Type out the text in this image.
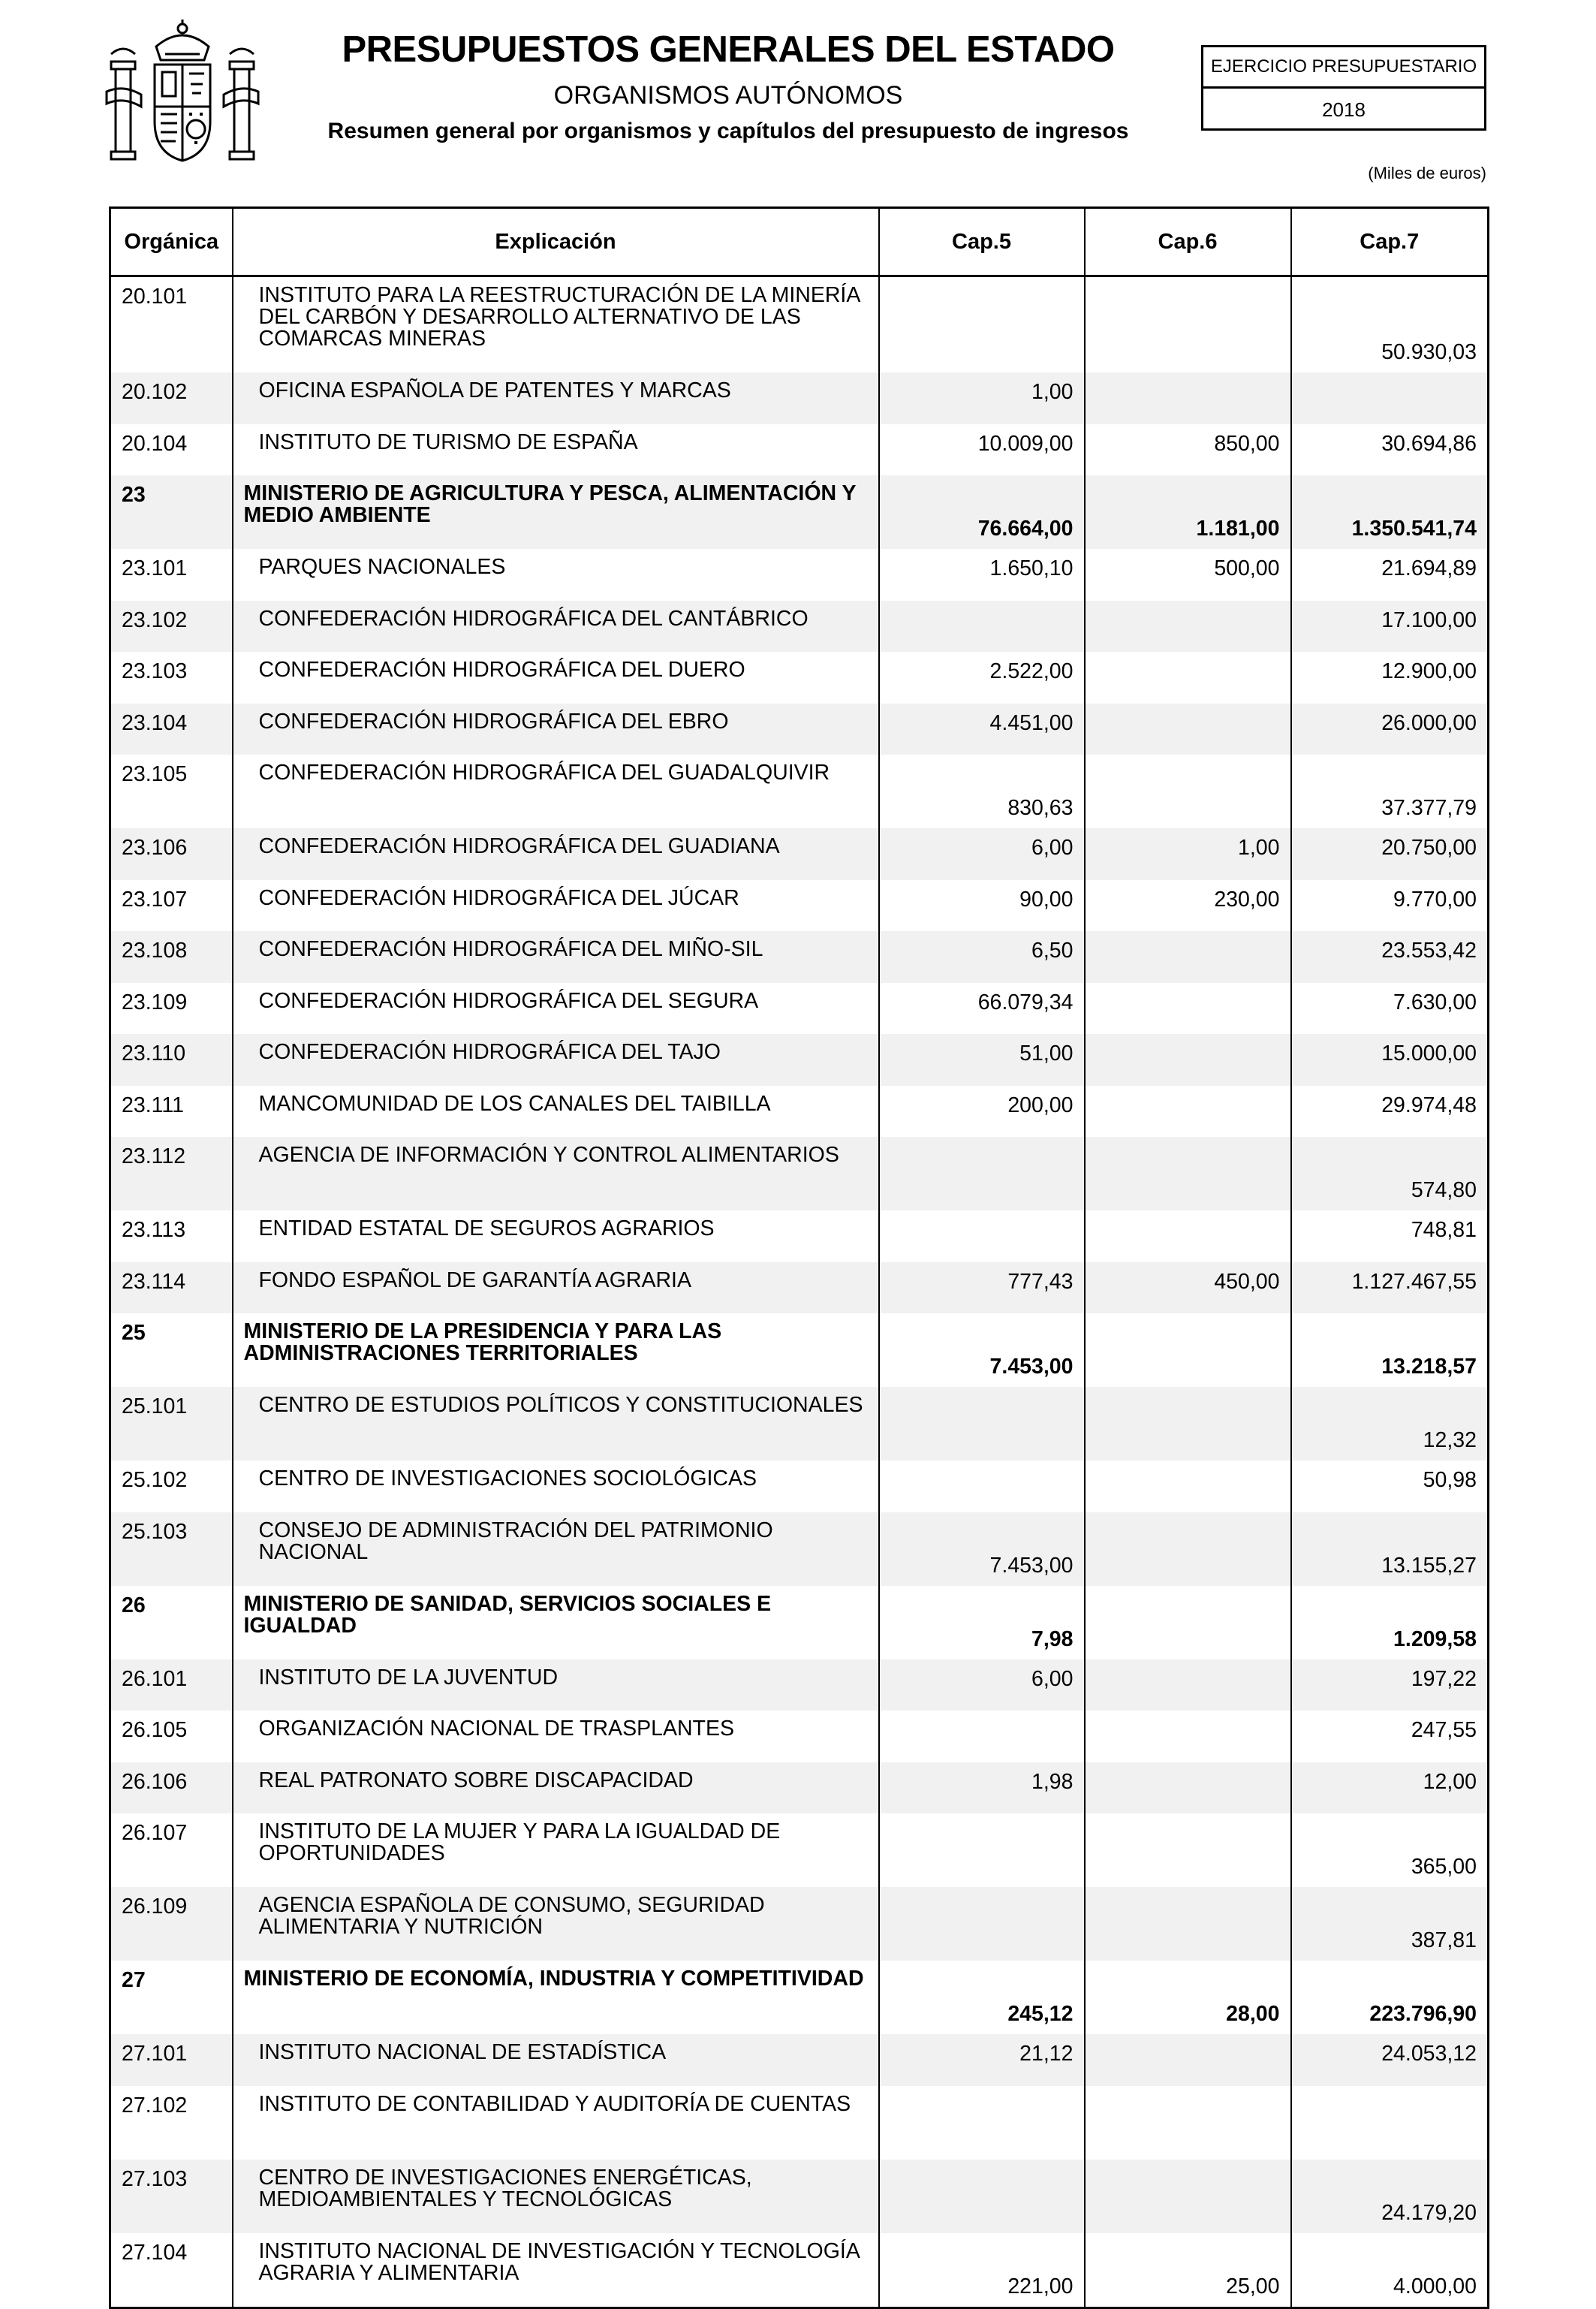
PRESUPUESTOS GENERALES DEL ESTADO
ORGANISMOS AUTÓNOMOS
Resumen general por organismos y capítulos del presupuesto de ingresos
EJERCICIO PRESUPUESTARIO
2018
(Miles de euros)
Orgánica	Explicación	Cap.5	Cap.6	Cap.7
20.101	INSTITUTO PARA LA REESTRUCTURACIÓN DE LA MINERÍA DEL CARBÓN Y DESARROLLO ALTERNATIVO DE LAS COMARCAS MINERAS			50.930,03
20.102	OFICINA ESPAÑOLA DE PATENTES Y MARCAS	1,00		
20.104	INSTITUTO DE TURISMO DE ESPAÑA	10.009,00	850,00	30.694,86
23	MINISTERIO DE AGRICULTURA Y PESCA, ALIMENTACIÓN Y MEDIO AMBIENTE	76.664,00	1.181,00	1.350.541,74
23.101	PARQUES NACIONALES	1.650,10	500,00	21.694,89
23.102	CONFEDERACIÓN HIDROGRÁFICA DEL CANTÁBRICO			17.100,00
23.103	CONFEDERACIÓN HIDROGRÁFICA DEL DUERO	2.522,00		12.900,00
23.104	CONFEDERACIÓN HIDROGRÁFICA DEL EBRO	4.451,00		26.000,00
23.105	CONFEDERACIÓN HIDROGRÁFICA DEL GUADALQUIVIR	830,63		37.377,79
23.106	CONFEDERACIÓN HIDROGRÁFICA DEL GUADIANA	6,00	1,00	20.750,00
23.107	CONFEDERACIÓN HIDROGRÁFICA DEL JÚCAR	90,00	230,00	9.770,00
23.108	CONFEDERACIÓN HIDROGRÁFICA DEL MIÑO-SIL	6,50		23.553,42
23.109	CONFEDERACIÓN HIDROGRÁFICA DEL SEGURA	66.079,34		7.630,00
23.110	CONFEDERACIÓN HIDROGRÁFICA DEL TAJO	51,00		15.000,00
23.111	MANCOMUNIDAD DE LOS CANALES DEL TAIBILLA	200,00		29.974,48
23.112	AGENCIA DE INFORMACIÓN Y CONTROL ALIMENTARIOS			574,80
23.113	ENTIDAD ESTATAL DE SEGUROS AGRARIOS			748,81
23.114	FONDO ESPAÑOL DE GARANTÍA AGRARIA	777,43	450,00	1.127.467,55
25	MINISTERIO DE LA PRESIDENCIA Y PARA LAS ADMINISTRACIONES TERRITORIALES	7.453,00		13.218,57
25.101	CENTRO DE ESTUDIOS POLÍTICOS Y CONSTITUCIONALES			12,32
25.102	CENTRO DE INVESTIGACIONES SOCIOLÓGICAS			50,98
25.103	CONSEJO DE ADMINISTRACIÓN DEL PATRIMONIO NACIONAL	7.453,00		13.155,27
26	MINISTERIO DE SANIDAD, SERVICIOS SOCIALES E IGUALDAD	7,98		1.209,58
26.101	INSTITUTO DE LA JUVENTUD	6,00		197,22
26.105	ORGANIZACIÓN NACIONAL DE TRASPLANTES			247,55
26.106	REAL PATRONATO SOBRE DISCAPACIDAD	1,98		12,00
26.107	INSTITUTO DE LA MUJER Y PARA LA IGUALDAD DE OPORTUNIDADES			365,00
26.109	AGENCIA ESPAÑOLA DE CONSUMO, SEGURIDAD ALIMENTARIA Y NUTRICIÓN			387,81
27	MINISTERIO DE ECONOMÍA, INDUSTRIA Y COMPETITIVIDAD	245,12	28,00	223.796,90
27.101	INSTITUTO NACIONAL DE ESTADÍSTICA	21,12		24.053,12
27.102	INSTITUTO DE CONTABILIDAD Y AUDITORÍA DE CUENTAS			
27.103	CENTRO DE INVESTIGACIONES ENERGÉTICAS, MEDIOAMBIENTALES Y TECNOLÓGICAS			24.179,20
27.104	INSTITUTO NACIONAL DE INVESTIGACIÓN Y TECNOLOGÍA AGRARIA Y ALIMENTARIA	221,00	25,00	4.000,00
